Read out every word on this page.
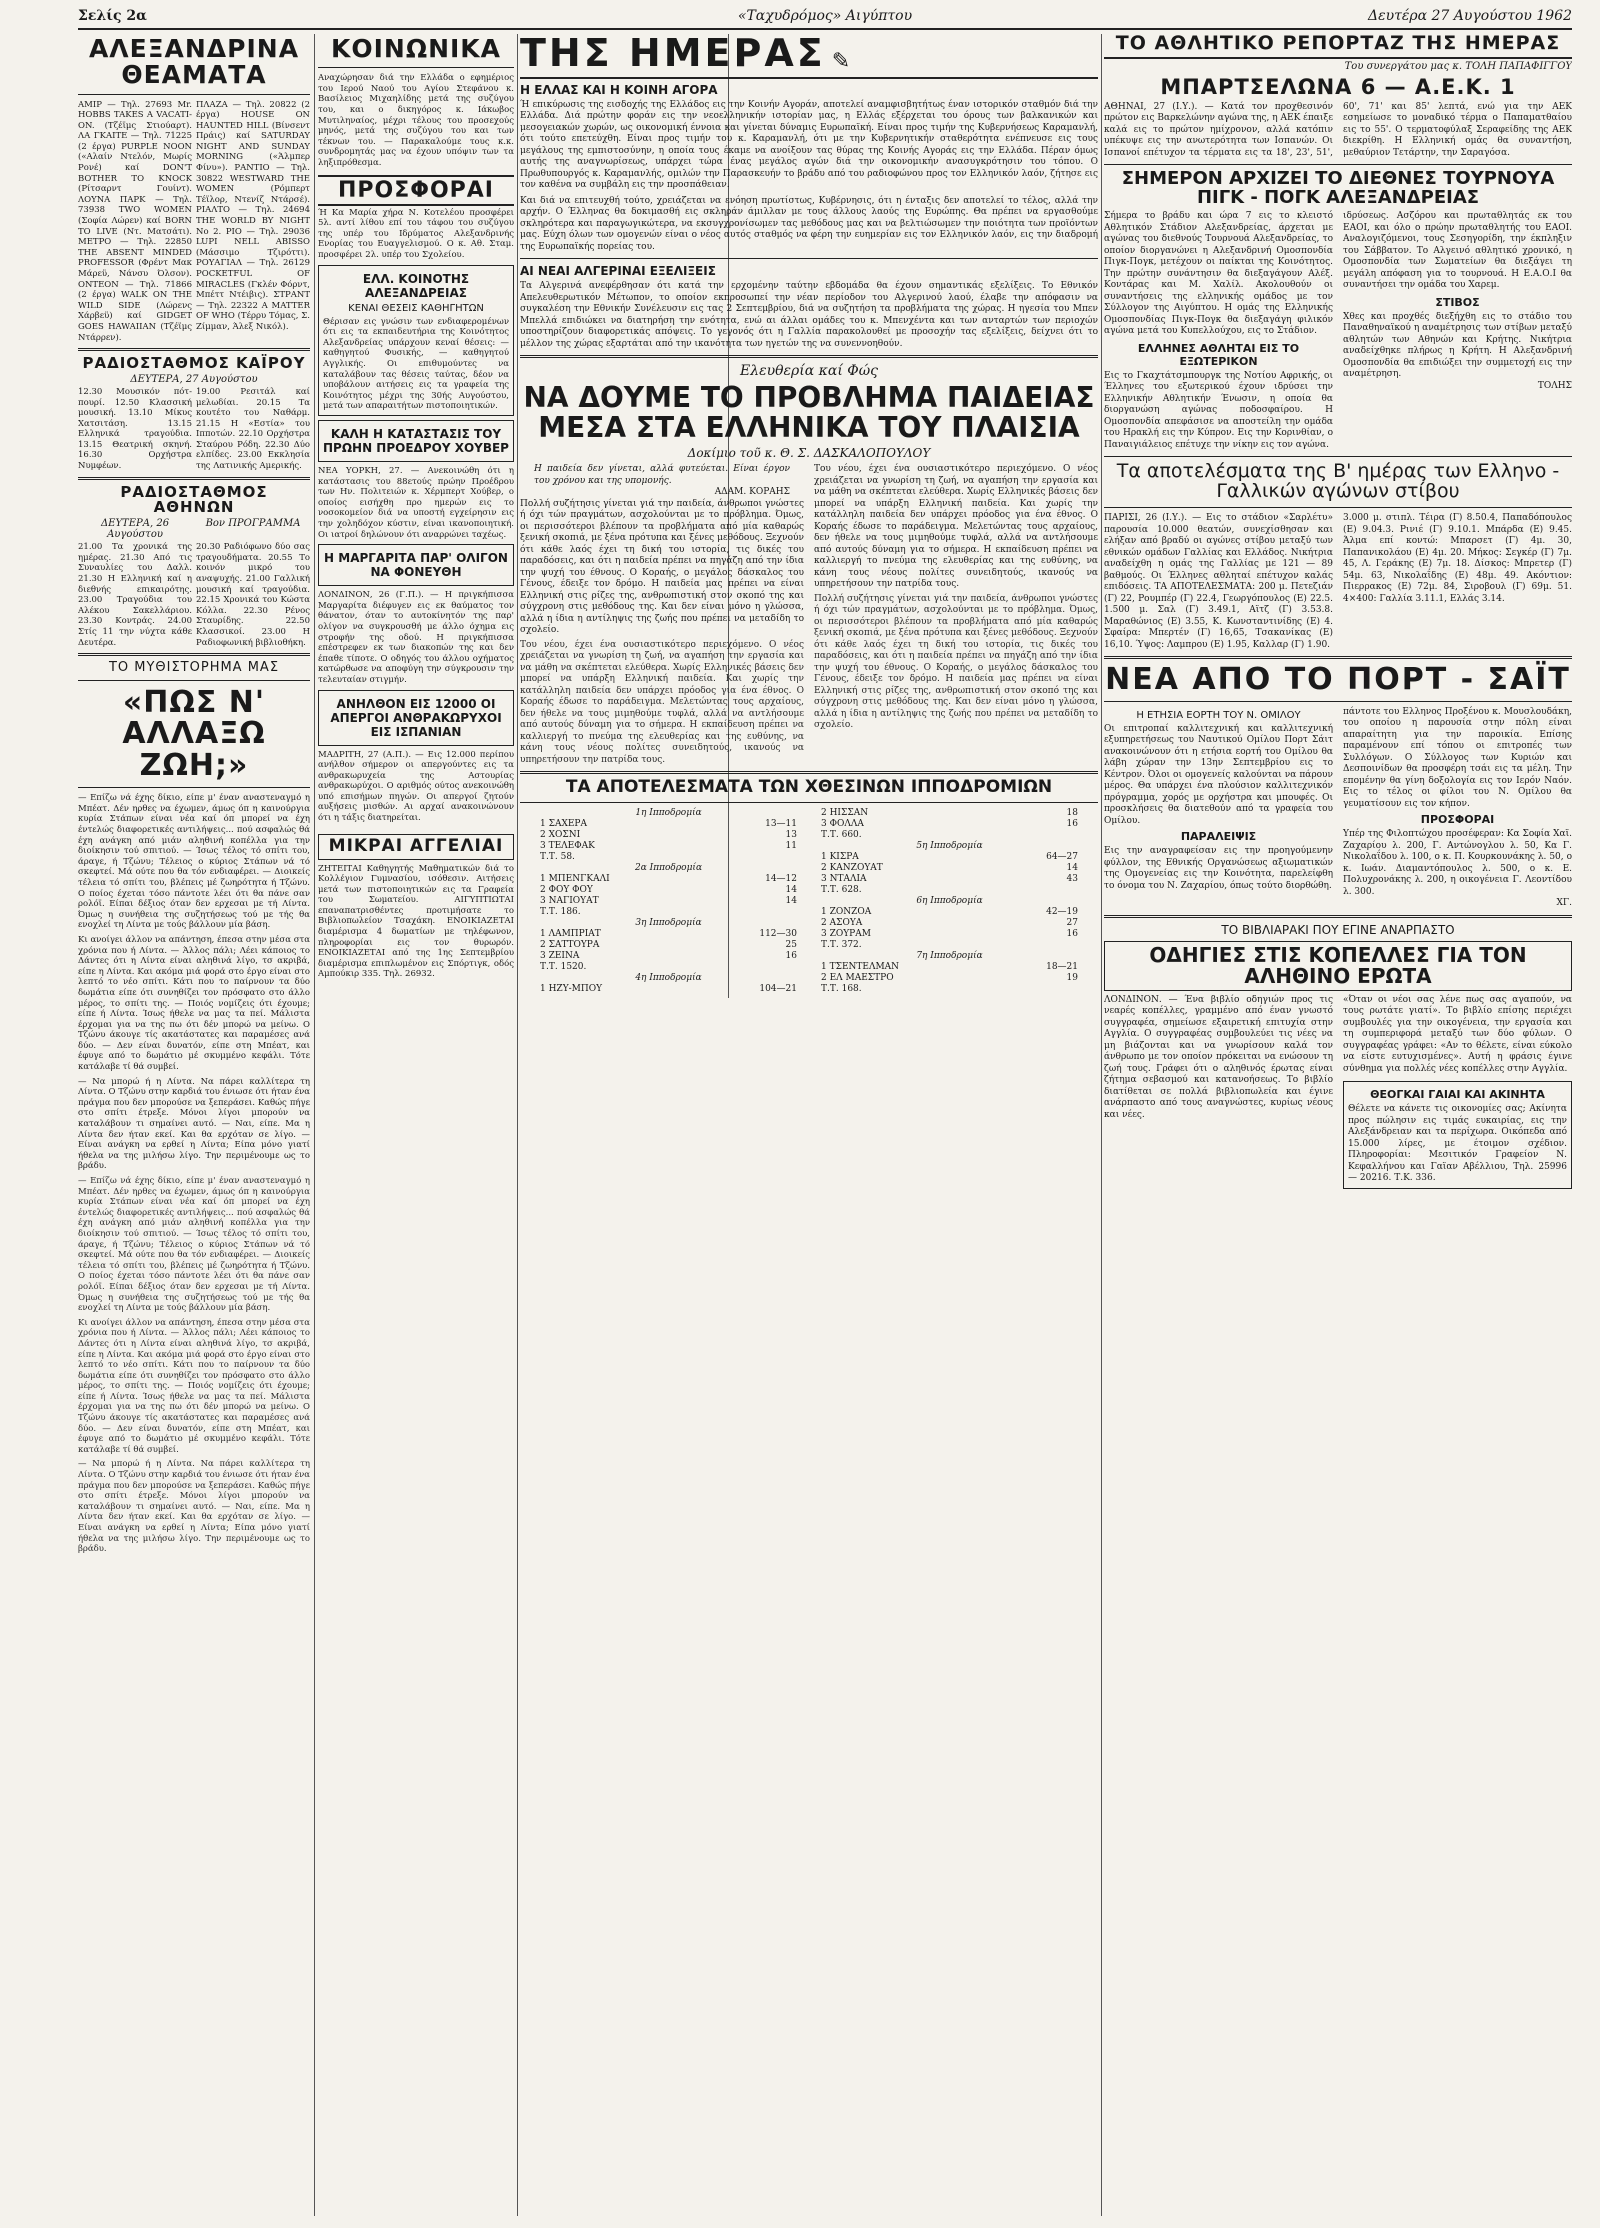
Σελίς 2α	«Ταχυδρόμος» Αιγύπτου	Δευτέρα 27 Αυγούστου 1962
ΑΛΕΞΑΝΔΡΙΝΑ ΘΕΑΜΑΤΑ
ΑΜΙΡ — Τηλ. 27693 Mr. HOBBS TAKES A VACATI-ON. (Τζέϊμς Στιούαρτ). ΛΑ ΓΚΑΙΤΕ — Τηλ. 71225 (2 έργα) PURPLE NOON («Αλαίν Ντελόν, Μωρίς Ρονέ) καί DON'T BOTHER TO KNOCK (Ρίτσαρντ Γουίντ). ΛΟΥΝΑ ΠΑΡΚ — Τηλ. 73938 TWO WOMEN (Σοφία Λώρεν) καί BORN TO LIVE (Ντ. Ματσάτι). ΜΕΤΡΟ — Τηλ. 22850 THE ABSENT MINDED PROFESSOR (Φρέντ Μακ Μάρεϋ, Νάνσυ Όλσον). ΟΝΤΕΟΝ — Τηλ. 71866 (2 έργα) WALK ON THE WILD SIDE (Λώρενς Χάρβεϋ) καί GIDGET GOES HAWAIIAN (Τζέϊμς Ντάρρεν).
ΠΛΑΖΑ — Τηλ. 20822 (2 έργα) HOUSE ON HAUNTED HILL (Βίνσεντ Πράις) καί SATURDAY NIGHT AND SUNDAY MORNING («Άλμπερ Φίνυ»). ΡΑΝΤΙΟ — Τηλ. 30822 WESTWARD THE WOMEN (Ρόμπερτ Τέϊλορ, Ντενίζ Ντάρσέ). ΡΙΑΛΤΟ — Τηλ. 24694 THE WORLD BY NIGHT No 2. ΡΙΟ — Τηλ. 29036 LUPI NELL ABISSO (Μάσσιμο Τζιρόττι). ΡΟΥΑΓΙΑΛ — Τηλ. 26129 POCKETFUL OF MIRACLES (Γκλέν Φόρντ, Μπέττ Ντέιβις). ΣΤΡΑΝΤ — Τηλ. 22322 A MATTER OF WHO (Τέρρυ Τόμας, Σ. Ζίμμαν, Άλεξ Νικόλ).
ΡΑΔΙΟΣΤΑΘΜΟΣ ΚΑΪΡΟΥ
ΔΕΥΤΕΡΑ, 27 Αυγούστου
12.30 Μουσικόν πότ-πουρί. 12.50 Κλασσική μουσική. 13.10 Μίκυς Χατσιτάση. 13.15 Ελληνικά τραγούδια. 13.15 Θεατρική σκηνή. 16.30 Ορχήστρα Νυμφέων.
19.00 Ρεσιτάλ καί μελωδίαι. 20.15 Τα κουτέτο του Ναθάρμ. 21.15 Η «Εστία» του Ιπποτών. 22.10 Ορχήστρα Σταύρου Ρόδη. 22.30 Δύο ελπίδες. 23.00 Εκκλησία της Λατινικής Αμερικής.
ΡΑΔΙΟΣΤΑΘΜΟΣ ΑΘΗΝΩΝ
ΔΕΥΤΕΡΑ, 26 Αυγούστου
Βον ΠΡΟΓΡΑΜΜΑ
21.00 Τα χρονικά της ημέρας. 21.30 Από τις Συναυλίες του Δαλλ. 21.30 Η Ελληνική καί η διεθνής επικαιρότης. 23.00 Τραγούδια του Αλέκου Σακελλάριου. 23.30 Κοντράς. 24.00 Στίς 11 την νύχτα κάθε Δευτέρα.
20.30 Ραδιόφωνο δύο σας τραγουδήματα. 20.55 Το κοινόν μικρό του αναψυχής. 21.00 Γαλλική μουσική καί τραγούδια. 22.15 Χρονικά του Κώστα Κόλλα. 22.30 Ρένος Σταυρίδης. 22.50 Κλασσικοί. 23.00 Η Ραδιοφωνική βιβλιοθήκη.
ΤΟ ΜΥΘΙΣΤΟΡΗΜΑ ΜΑΣ
«ΠΩΣ Ν' ΑΛΛΑΞΩ ΖΩΗ;»
— Επίζω νά έχης δίκιο, είπε μ' έναν αναστεναγμό η Μπέατ. Δέν ηρθες να έχωμεν, άμως όπ η καινούργια κυρία Στάπων είναι νέα καί όπ μπορεί να έχη έντελώς διαφορετικές αντιλήψεις... πού ασφαλώς θά έχη ανάγκη από μιάν αληθινή κοπέλλα για την διοίκησιν τού σπιτιού. — Ίσως τέλος τό σπίτι του, άραγε, ή Τζώνυ; Τέλειος ο κύριος Στάπων νά τό σκεφτεί. Μά ούτε που θα τόν ενδιαφέρει. — Διοικείς τέλεια τό σπίτι του, βλέπεις μέ ζωηρότητα ή Τζώνυ. Ο ποίος έχεται τόσο πάντοτε λέει ότι θα πάνε σαν ρολόϊ. Είπαι δέξιος όταν δεν ερχεσαι με τή Λίντα. Όμως η συνήθεια της συζητήσεως τού με τής θα ενοχλεί τη Λίντα με τούς βάλλουν μία βάση.
Κι ανοίγει άλλον να απάντηση, έπεσα στην μέσα στα χρόνια που ή Λίντα. — Άλλος πάλι; Λέει κάποιος το Δάντες ότι η Λίντα είναι αληθινά λίγο, τσ ακριβά, είπε η Λίντα. Και ακόμα μιά φορά στο έργο είναι στο λεπτό το νέο σπίτι. Κάτι που το παίρνουν τα δύο δωμάτια είπε ότι συνηθίζει τον πρόσφατο στο άλλο μέρος, το σπίτι της. — Ποιός νομίζεις ότι έχουμε; είπε ή Λίντα. Ίσως ήθελε να μας τα πεί. Μάλιστα έρχομαι για να της πω ότι δέν μπορώ να μείνω. Ο Τζώνυ άκουγε τίς ακατάστατες και παραμέσες ανά δύο. — Δεν είναι δυνατόν, είπε στη Μπέατ, και έφυγε από το δωμάτιο μέ σκυμμένο κεφάλι. Τότε κατάλαβε τί θά συμβεί.
— Να μπορώ ή η Λίντα. Να πάρει καλλίτερα τη Λίντα. Ο Τζώνυ στην καρδιά του ένιωσε ότι ήταν ένα πράγμα που δεν μπορούσε να ξεπεράσει. Καθώς πήγε στο σπίτι έτρεξε. Μόνοι λίγοι μπορούν να καταλάβουν τι σημαίνει αυτό. — Ναι, είπε. Μα η Λίντα δεν ήταν εκεί. Και θα ερχόταν σε λίγο. — Είναι ανάγκη να ερθεί η Λίντα; Είπα μόνο γιατί ήθελα να της μιλήσω λίγο. Την περιμένουμε ως το βράδυ.
— Επίζω νά έχης δίκιο, είπε μ' έναν αναστεναγμό η Μπέατ. Δέν ηρθες να έχωμεν, άμως όπ η καινούργια κυρία Στάπων είναι νέα καί όπ μπορεί να έχη έντελώς διαφορετικές αντιλήψεις... πού ασφαλώς θά έχη ανάγκη από μιάν αληθινή κοπέλλα για την διοίκησιν τού σπιτιού. — Ίσως τέλος τό σπίτι του, άραγε, ή Τζώνυ; Τέλειος ο κύριος Στάπων νά τό σκεφτεί. Μά ούτε που θα τόν ενδιαφέρει. — Διοικείς τέλεια τό σπίτι του, βλέπεις μέ ζωηρότητα ή Τζώνυ. Ο ποίος έχεται τόσο πάντοτε λέει ότι θα πάνε σαν ρολόϊ. Είπαι δέξιος όταν δεν ερχεσαι με τή Λίντα. Όμως η συνήθεια της συζητήσεως τού με τής θα ενοχλεί τη Λίντα με τούς βάλλουν μία βάση.
Κι ανοίγει άλλον να απάντηση, έπεσα στην μέσα στα χρόνια που ή Λίντα. — Άλλος πάλι; Λέει κάποιος το Δάντες ότι η Λίντα είναι αληθινά λίγο, τσ ακριβά, είπε η Λίντα. Και ακόμα μιά φορά στο έργο είναι στο λεπτό το νέο σπίτι. Κάτι που το παίρνουν τα δύο δωμάτια είπε ότι συνηθίζει τον πρόσφατο στο άλλο μέρος, το σπίτι της. — Ποιός νομίζεις ότι έχουμε; είπε ή Λίντα. Ίσως ήθελε να μας τα πεί. Μάλιστα έρχομαι για να της πω ότι δέν μπορώ να μείνω. Ο Τζώνυ άκουγε τίς ακατάστατες και παραμέσες ανά δύο. — Δεν είναι δυνατόν, είπε στη Μπέατ, και έφυγε από το δωμάτιο μέ σκυμμένο κεφάλι. Τότε κατάλαβε τί θά συμβεί.
— Να μπορώ ή η Λίντα. Να πάρει καλλίτερα τη Λίντα. Ο Τζώνυ στην καρδιά του ένιωσε ότι ήταν ένα πράγμα που δεν μπορούσε να ξεπεράσει. Καθώς πήγε στο σπίτι έτρεξε. Μόνοι λίγοι μπορούν να καταλάβουν τι σημαίνει αυτό. — Ναι, είπε. Μα η Λίντα δεν ήταν εκεί. Και θα ερχόταν σε λίγο. — Είναι ανάγκη να ερθεί η Λίντα; Είπα μόνο γιατί ήθελα να της μιλήσω λίγο. Την περιμένουμε ως το βράδυ.
ΚΟΙΝΩΝΙΚΑ
Αναχώρησαν διά την Ελλάδα ο εφημέριος του Ιερού Ναού του Αγίου Στεφάνου κ. Βασίλειος Μιχαηλίδης μετά της συζύγου του, και ο δικηγόρος κ. Ιάκωβος Μυτιληναίος, μέχρι τέλους του προσεχούς μηνός, μετά της συζύγου του και των τέκνων του. — Παρακαλούμε τους κ.κ. συνδρομητάς μας να έχουν υπόψιν των τα ληξιπρόθεσμα.
ΠΡΟΣΦΟΡΑΙ
Ή Κα Μαρία χήρα Ν. Κοτελέου προσφέρει 5λ. αντί λίθου επί του τάφου του συζύγου της υπέρ του Ιδρύματος Αλεξανδρινής Ενορίας του Ευαγγελισμού. Ο κ. Αθ. Σταμ. προσφέρει 2λ. υπέρ του Σχολείου.
ΕΛΛ. ΚΟΙΝΟΤΗΣ ΑΛΕΞΑΝΔΡΕΙΑΣ
ΚΕΝΑΙ ΘΕΣΕΙΣ ΚΑΘΗΓΗΤΩΝ
Θέρισαν εις γνώσιν των ενδιαφερομένων ότι εις τα εκπαιδευτήρια της Κοινότητος Αλεξανδρείας υπάρχουν κεναί θέσεις: — καθηγητού Φυσικής, — καθηγητού Αγγλικής. Οι επιθυμούντες να καταλάβουν τας θέσεις ταύτας, δέον να υποβάλουν αιτήσεις εις τα γραφεία της Κοινότητος μέχρι της 30ής Αυγούστου, μετά των απαραιτήτων πιστοποιητικών.
ΚΑΛΗ Η ΚΑΤΑΣΤΑΣΙΣ ΤΟΥ ΠΡΩΗΝ ΠΡΟΕΔΡΟΥ ΧΟΥΒΕΡ
ΝΕΑ ΥΟΡΚΗ, 27. — Ανεκοινώθη ότι η κατάστασις του 88ετούς πρώην Προέδρου των Ην. Πολιτειών κ. Χέρμπερτ Χούβερ, ο οποίος εισήχθη προ ημερών εις το νοσοκομείον διά να υποστή εγχείρησιν εις την χοληδόχον κύστιν, είναι ικανοποιητική. Οι ιατροί δηλώνουν ότι αναρρώνει ταχέως.
Η ΜΑΡΓΑΡΙΤΑ ΠΑΡ' ΟΛΙΓΟΝ ΝΑ ΦΟΝΕΥΘΗ
ΛΟΝΔΙΝΟΝ, 26 (Γ.Π.). — Η πριγκήπισσα Μαργαρίτα διέφυγεν εις εκ θαύματος τον θάνατον, όταν το αυτοκίνητόν της παρ' ολίγον να συγκρουσθή με άλλο όχημα εις στροφήν της οδού. Η πριγκήπισσα επέστρεφεν εκ των διακοπών της και δεν έπαθε τίποτε. Ο οδηγός του άλλου οχήματος κατώρθωσε να αποφύγη την σύγκρουσιν την τελευταίαν στιγμήν.
ΑΝΗΛΘΟΝ ΕΙΣ 12000 ΟΙ ΑΠΕΡΓΟΙ ΑΝΘΡΑΚΩΡΥΧΟΙ ΕΙΣ ΙΣΠΑΝΙΑΝ
ΜΑΔΡΙΤΗ, 27 (Α.Π.). — Εις 12.000 περίπου ανήλθον σήμερον οι απεργούντες εις τα ανθρακωρυχεία της Αστουρίας ανθρακωρύχοι. Ο αριθμός ούτος ανεκοινώθη υπό επισήμων πηγών. Οι απεργοί ζητούν αυξήσεις μισθών. Αι αρχαί ανακοινώνουν ότι η τάξις διατηρείται.
ΜΙΚΡΑΙ ΑΓΓΕΛΙΑΙ
ΖΗΤΕΙΤΑΙ Καθηγητής Μαθηματικών διά το Κολλέγιον Γυμνασίου, ισόθεσιν. Αιτήσεις μετά των πιστοποιητικών εις τα Γραφεία του Σωματείου. ΑΙΓΥΠΤΙΩΤΑΙ επαναπατρισθέντες προτιμήσατε το Βιβλιοπωλείον Τσαχάκη. ΕΝΟΙΚΙΑΖΕΤΑΙ διαμέρισμα 4 δωματίων με τηλέφωνον, πληροφορίαι εις τον θυρωρόν. ΕΝΟΙΚΙΑΖΕΤΑΙ από της 1ης Σεπτεμβρίου διαμέρισμα επιπλωμένον εις Σπόρτιγκ, οδός Αμπούκιρ 335. Τηλ. 26932.
ΤΗΣ ΗΜΕΡΑΣ ✎
Η ΕΛΛΑΣ ΚΑΙ Η ΚΟΙΝΗ ΑΓΟΡΑ
Ή επικύρωσις της εισδοχής της Ελλάδος εις την Κοινήν Αγοράν, αποτελεί αναμφισβητήτως έναν ιστορικόν σταθμόν διά την Ελλάδα. Διά πρώτην φοράν εις την νεοελληνικήν ιστορίαν μας, η Ελλάς εξέρχεται του όρους των βαλκανικών και μεσογειακών χωρών, ως οικονομική έννοια και γίνεται δύναμις Ευρωπαϊκή. Είναι προς τιμήν της Κυβερνήσεως Καραμανλή, ότι τούτο επετεύχθη. Είναι προς τιμήν του κ. Καραμανλή, ότι με την Κυβερνητικήν σταθερότητα ενέπνευσε εις τους μεγάλους της εμπιστοσύνην, η οποία τους έκαμε να ανοίξουν τας θύρας της Κοινής Αγοράς εις την Ελλάδα. Πέραν όμως αυτής της αναγνωρίσεως, υπάρχει τώρα ένας μεγάλος αγών διά την οικονομικήν ανασυγκρότησιν του τόπου. Ο Πρωθυπουργός κ. Καραμανλής, ομιλών την Παρασκευήν το βράδυ από του ραδιοφώνου προς τον Ελληνικόν λαόν, ζήτησε εις τον καθένα να συμβάλη εις την προσπάθειαν.
Και διά να επιτευχθή τούτο, χρειάζεται να ενόηση πρωτίστως, Κυβέρνησις, ότι η ένταξις δεν αποτελεί το τέλος, αλλά την αρχήν. Ο Έλληνας θα δοκιμασθή εις σκληράν άμιλλαν με τους άλλους λαούς της Ευρώπης. Θα πρέπει να εργασθούμε σκληρότερα και παραγωγικώτερα, να εκσυγχρονίσωμεν τας μεθόδους μας και να βελτιώσωμεν την ποιότητα των προϊόντων μας. Εύχη όλων των ομογενών είναι ο νέος αυτός σταθμός να φέρη την ευημερίαν εις τον Ελληνικόν λαόν, εις την διαδρομή της Ευρωπαϊκής πορείας του.
ΑΙ ΝΕΑΙ ΑΛΓΕΡΙΝΑΙ ΕΞΕΛΙΞΕΙΣ
Τα Αλγερινά ανεφέρθησαν ότι κατά την ερχομένην ταύτην εβδομάδα θα έχουν σημαντικάς εξελίξεις. Το Εθνικόν Απελευθερωτικόν Μέτωπον, το οποίον εκπροσωπεί την νέαν περίοδον του Αλγερινού λαού, έλαβε την απόφασιν να συγκαλέση την Εθνικήν Συνέλευσιν εις τας 2 Σεπτεμβρίου, διά να συζητήση τα προβλήματα της χώρας. Η ηγεσία του Μπεν Μπελλά επιδιώκει να διατηρήση την ενότητα, ενώ αι άλλαι ομάδες του κ. Μπενχέντα και των ανταρτών των περιοχών υποστηρίζουν διαφορετικάς απόψεις. Το γεγονός ότι η Γαλλία παρακολουθεί με προσοχήν τας εξελίξεις, δείχνει ότι το μέλλον της χώρας εξαρτάται από την ικανότητα των ηγετών της να συνεννοηθούν.
Ελευθερία καί Φώς
ΝΑ ΔΟΥΜΕ ΤΟ ΠΡΟΒΛΗΜΑ ΠΑΙΔΕΙΑΣ ΜΕΣΑ ΣΤΑ ΕΛΛΗΝΙΚΑ ΤΟΥ ΠΛΑΙΣΙΑ
Δοκίμιο τοῦ κ. Θ. Σ. ΔΑΣΚΑΛΟΠΟΥΛΟΥ
Η παιδεία δεν γίνεται, αλλά φυτεύεται. Είναι έργον του χρόνου και της υπομονής.
ΑΔΑΜ. ΚΟΡΑΗΣ
Πολλή συζήτησις γίνεται γιά την παιδεία, άνθρωποι γνώστες ή όχι τών πραγμάτων, ασχολούνται με το πρόβλημα. Όμως, οι περισσότεροι βλέπουν τα προβλήματα από μία καθαρώς ξενική σκοπιά, με ξένα πρότυπα και ξένες μεθόδους. Ξεχνούν ότι κάθε λαός έχει τη δική του ιστορία, τις δικές του παραδόσεις, και ότι η παιδεία πρέπει να πηγάζη από την ίδια την ψυχή του έθνους. Ο Κοραής, ο μεγάλος δάσκαλος του Γένους, έδειξε τον δρόμο. Η παιδεία μας πρέπει να είναι Ελληνική στις ρίζες της, ανθρωπιστική στον σκοπό της και σύγχρονη στις μεθόδους της. Και δεν είναι μόνο η γλώσσα, αλλά η ίδια η αντίληψις της ζωής που πρέπει να μεταδίδη το σχολείο.
Του νέου, έχει ένα ουσιαστικότερο περιεχόμενο. Ο νέος χρειάζεται να γνωρίση τη ζωή, να αγαπήση την εργασία και να μάθη να σκέπτεται ελεύθερα. Χωρίς Ελληνικές βάσεις δεν μπορεί να υπάρξη Ελληνική παιδεία. Και χωρίς την κατάλληλη παιδεία δεν υπάρχει πρόοδος για ένα έθνος. Ο Κοραής έδωσε το παράδειγμα. Μελετώντας τους αρχαίους, δεν ήθελε να τους μιμηθούμε τυφλά, αλλά να αντλήσουμε από αυτούς δύναμη για το σήμερα. Η εκπαίδευση πρέπει να καλλιεργή το πνεύμα της ελευθερίας και της ευθύνης, να κάνη τους νέους πολίτες συνειδητούς, ικανούς να υπηρετήσουν την πατρίδα τους.
Του νέου, έχει ένα ουσιαστικότερο περιεχόμενο. Ο νέος χρειάζεται να γνωρίση τη ζωή, να αγαπήση την εργασία και να μάθη να σκέπτεται ελεύθερα. Χωρίς Ελληνικές βάσεις δεν μπορεί να υπάρξη Ελληνική παιδεία. Και χωρίς την κατάλληλη παιδεία δεν υπάρχει πρόοδος για ένα έθνος. Ο Κοραής έδωσε το παράδειγμα. Μελετώντας τους αρχαίους, δεν ήθελε να τους μιμηθούμε τυφλά, αλλά να αντλήσουμε από αυτούς δύναμη για το σήμερα. Η εκπαίδευση πρέπει να καλλιεργή το πνεύμα της ελευθερίας και της ευθύνης, να κάνη τους νέους πολίτες συνειδητούς, ικανούς να υπηρετήσουν την πατρίδα τους.
Πολλή συζήτησις γίνεται γιά την παιδεία, άνθρωποι γνώστες ή όχι τών πραγμάτων, ασχολούνται με το πρόβλημα. Όμως, οι περισσότεροι βλέπουν τα προβλήματα από μία καθαρώς ξενική σκοπιά, με ξένα πρότυπα και ξένες μεθόδους. Ξεχνούν ότι κάθε λαός έχει τη δική του ιστορία, τις δικές του παραδόσεις, και ότι η παιδεία πρέπει να πηγάζη από την ίδια την ψυχή του έθνους. Ο Κοραής, ο μεγάλος δάσκαλος του Γένους, έδειξε τον δρόμο. Η παιδεία μας πρέπει να είναι Ελληνική στις ρίζες της, ανθρωπιστική στον σκοπό της και σύγχρονη στις μεθόδους της. Και δεν είναι μόνο η γλώσσα, αλλά η ίδια η αντίληψις της ζωής που πρέπει να μεταδίδη το σχολείο.
ΤΑ ΑΠΟΤΕΛΕΣΜΑΤΑ ΤΩΝ ΧΘΕΣΙΝΩΝ ΙΠΠΟΔΡΟΜΙΩΝ
1η Ιπποδρομία
1 ΣΑΧΕΡΑ	13—11
2 ΧΟΣΝΙ	13
3 ΤΕΛΕΦΑΚ	11
Τ.Τ. 58.
2α Ιπποδρομία
1 ΜΠΕΝΓΚΑΛΙ	14—12
2 ΦΟΥ ΦΟΥ	14
3 ΝΑΓΙΟΥΑΤ	14
Τ.Τ. 186.
3η Ιπποδρομία
1 ΛΑΜΠΡΙΑΤ	112—30
2 ΣΑΤΤΟΥΡΑ	25
3 ΖΕΙΝΑ	16
Τ.Τ. 1520.
4η Ιπποδρομία
1 ΗΖΥ-ΜΠΟΥ	104—21
2 ΗΙΣΣΑΝ	18
3 ΦΟΛΛΑ	16
Τ.Τ. 660.
5η Ιπποδρομία
1 ΚΙΣΡΑ	64—27
2 ΚΑΝΖΟΥΑΤ	14
3 ΝΤΑΛΙΑ	43
Τ.Τ. 628.
6η Ιπποδρομία
1 ΖΟΝΖΟΑ	42—19
2 ΑΣΟΥΑ	27
3 ΖΟΥΡΑΜ	16
Τ.Τ. 372.
7η Ιπποδρομία
1 ΤΣΕΝΤΕΛΜΑΝ	18—21
2 ΕΛ ΜΑΕΣΤΡΟ	19
Τ.Τ. 168.
ΤΟ ΑΘΛΗΤΙΚΟ ΡΕΠΟΡΤΑΖ ΤΗΣ ΗΜΕΡΑΣ
Του συνεργάτου μας κ. ΤΟΛΗ ΠΑΠΑΦΙΓΓΟΥ
ΜΠΑΡΤΣΕΛΩΝΑ 6 — Α.Ε.Κ. 1
ΑΘΗΝΑΙ, 27 (Ι.Υ.). — Κατά τον προχθεσινόν πρώτον εις Βαρκελώνην αγώνα της, η ΑΕΚ έπαιξε καλά εις το πρώτον ημίχρονον, αλλά κατόπιν υπέκυψε εις την ανωτερότητα των Ισπανών. Οι Ισπανοί επέτυχον τα τέρματα εις τα 18', 23', 51', 60', 71' και 85' λεπτά, ενώ για την ΑΕΚ εσημείωσε το μοναδικό τέρμα ο Παπαματθαίου εις το 55'. Ο τερματοφύλαξ Σεραφείδης της ΑΕΚ διεκρίθη. Η Ελληνική ομάς θα συναντήση, μεθαύριον Τετάρτην, την Σαραγόσα.
ΣΗΜΕΡΟΝ ΑΡΧΙΖΕΙ ΤΟ ΔΙΕΘΝΕΣ ΤΟΥΡΝΟΥΑ ΠΙΓΚ - ΠΟΓΚ ΑΛΕΞΑΝΔΡΕΙΑΣ
Σήμερα το βράδυ και ώρα 7 εις το κλειστό Αθλητικόν Στάδιον Αλεξανδρείας, άρχεται με αγώνας του διεθνούς Τουρνουά Αλεξανδρείας, το οποίον διοργανώνει η Αλεξανδρινή Ομοσπονδία Πιγκ-Πογκ, μετέχουν οι παίκται της Κοινότητος. Την πρώτην συνάντησιν θα διεξαγάγουν Αλέξ. Κοντάρας και Μ. Χαλίλ. Ακολουθούν οι συναντήσεις της ελληνικής ομάδος με τον Σύλλογον της Αιγύπτου. Η ομάς της Ελληνικής Ομοσπονδίας Πιγκ-Πογκ θα διεξαγάγη φιλικόν αγώνα μετά του Κυπελλούχου, εις το Στάδιον.
ΕΛΛΗΝΕΣ ΑΘΛΗΤΑΙ ΕΙΣ ΤΟ ΕΞΩΤΕΡΙΚΟΝ
Εις το Γκαχτάτσμπουργκ της Νοτίου Αφρικής, οι Έλληνες του εξωτερικού έχουν ιδρύσει την Ελληνικήν Αθλητικήν Ένωσιν, η οποία θα διοργανώση αγώνας ποδοσφαίρου. Η Ομοσπονδία απεφάσισε να αποστείλη την ομάδα του Ηρακλή εις την Κύπρον. Εις την Κορινθίαν, ο Παναιγιάλειος επέτυχε την νίκην εις τον αγώνα.
ιδρύσεως. Ασζόρου και πρωταθλητάς εκ του ΕΑΟΙ, και όλο ο πρώην πρωταθλητής του ΕΑΟΙ. Αναλογιζόμενοι, τους Σεσηγορίδη, την έκπληξιν του Σάββατον. Το Αλγεινό αθλητικό χρονικό, η Ομοσπονδία των Σωματείων θα διεξάγει τη μεγάλη απόφαση για το τουρνουά. Η Ε.Α.Ο.Ι θα συναντήσει την ομάδα του Χαρεμ.
ΣΤΙΒΟΣ
Χθες και προχθές διεξήχθη εις το στάδιο του Παναθηναϊκού η αναμέτρησις των στίβων μεταξύ αθλητών των Αθηνών και Κρήτης. Νικήτρια αναδείχθηκε πλήρως η Κρήτη. Η Αλεξανδρινή Ομοσπονδία θα επιδιώξει την συμμετοχή εις την αναμέτρηση.
ΤΟΛΗΣ
Τα αποτελέσματα της Β' ημέρας των Ελληνο - Γαλλικών αγώνων στίβου
ΠΑΡΙΣΙ, 26 (Ι.Υ.). — Εις το στάδιον «Σαρλέτυ» παρουσία 10.000 θεατών, συνεχίσθησαν και ελήξαν από βραδύ οι αγώνες στίβου μεταξύ των εθνικών ομάδων Γαλλίας και Ελλάδος. Νικήτρια αναδείχθη η ομάς της Γαλλίας με 121 — 89 βαθμούς. Οι Έλληνες αθληταί επέτυχον καλάς επιδόσεις. ΤΑ ΑΠΟΤΕΛΕΣΜΑΤΑ: 200 μ. Πετεζιάν (Γ) 22, Ρουμπέρ (Γ) 22.4, Γεωργόπουλος (Ε) 22.5. 1.500 μ. Σαλ (Γ) 3.49.1, Αϊτζ (Γ) 3.53.8. Μαραθώνιος (Ε) 3.55, Κ. Κωνσταντινίδης (Ε) 4. Σφαίρα: Μπερτέν (Γ) 16,65, Τσακανίκας (Ε) 16,10. Ύψος: Λαμπρου (Ε) 1.95, Καλλαρ (Γ) 1.90.
3.000 μ. στιπλ. Τέιρα (Γ) 8.50.4, Παπαδόπουλος (Ε) 9.04.3. Ρινιέ (Γ) 9.10.1. Μπάρδα (Ε) 9.45. Άλμα επί κοντώ: Μπαρσετ (Γ) 4μ. 30, Παπανικολάου (Ε) 4μ. 20. Μήκος: Σεγκέρ (Γ) 7μ. 45, Λ. Γεράκης (Ε) 7μ. 18. Δίσκος: Μπρετερ (Γ) 54μ. 63, Νικολαΐδης (Ε) 48μ. 49. Ακόντιον: Πιερρακος (Ε) 72μ. 84, Σιροβουλ (Γ) 69μ. 51. 4×400: Γαλλία 3.11.1, Ελλάς 3.14.
ΝΕΑ ΑΠΟ ΤΟ ΠΟΡΤ - ΣΑΪΤ
Η ΕΤΗΣΙΑ ΕΟΡΤΗ ΤΟΥ Ν. ΟΜΙΛΟΥ
Οι επιτροπαί καλλιτεχνική και καλλιτεχνική εξυπηρετήσεως του Ναυτικού Ομίλου Πορτ Σάιτ ανακοινώνουν ότι η ετήσια εορτή του Ομίλου θα λάβη χώραν την 13ην Σεπτεμβρίου εις το Κέντρον. Όλοι οι ομογενείς καλούνται να πάρουν μέρος. Θα υπάρχει ένα πλούσιον καλλιτεχνικόν πρόγραμμα, χορός με ορχήστρα και μπουφές. Οι προσκλήσεις θα διατεθούν από τα γραφεία του Ομίλου.
ΠΑΡΑΛΕΙΨΙΣ
Εις την αναγραφείσαν εις την προηγούμενην φύλλον, της Εθνικής Οργανώσεως αξιωματικών της Ομογενείας εις την Κοινότητα, παρελείφθη το όνομα του Ν. Ζαχαρίου, όπως τούτο διορθώθη.
πάντοτε του Ελληνος Προξένου κ. Μουσλουδάκη, του οποίου η παρουσία στην πόλη είναι απαραίτητη για την παροικία. Επίσης παραμένουν επί τόπου οι επιτροπές των Συλλόγων. Ο Σύλλογος των Κυριών και Δεσποινίδων θα προσφέρη τσάι εις τα μέλη. Την επομένην θα γίνη δοξολογία εις τον Ιερόν Ναόν. Εις το τέλος οι φίλοι του Ν. Ομίλου θα γευματίσουν εις τον κήπον.
ΠΡΟΣΦΟΡΑΙ
Υπέρ της Φιλοπτώχου προσέφεραν: Κα Σοφία Χαϊ. Ζαχαρίου λ. 200, Γ. Αντώνογλου λ. 50, Κα Γ. Νικολαΐδου λ. 100, ο κ. Π. Κουρκουνάκης λ. 50, ο κ. Ιωάν. Διαμαντόπουλος λ. 500, ο κ. Ε. Πολυχρονάκης λ. 200, η οικογένεια Γ. Λεοντίδου λ. 300.
ΧΓ.
ΤΟ ΒΙΒΛΙΑΡΑΚΙ ΠΟΥ ΕΓΙΝΕ ΑΝΑΡΠΑΣΤΟ
ΟΔΗΓΙΕΣ ΣΤΙΣ ΚΟΠΕΛΛΕΣ ΓΙΑ ΤΟΝ ΑΛΗΘΙΝΟ ΕΡΩΤΑ
ΛΟΝΔΙΝΟΝ. — Ένα βιβλίο οδηγιών προς τις νεαρές κοπέλλες, γραμμένο από έναν γνωστό συγγραφέα, σημείωσε εξαιρετική επιτυχία στην Αγγλία. Ο συγγραφέας συμβουλεύει τις νέες να μη βιάζονται και να γνωρίσουν καλά τον άνθρωπο με τον οποίον πρόκειται να ενώσουν τη ζωή τους. Γράφει ότι ο αληθινός έρωτας είναι ζήτημα σεβασμού και κατανοήσεως. Το βιβλίο διατίθεται σε πολλά βιβλιοπωλεία και έγινε ανάρπαστο από τους αναγνώστες, κυρίως νέους και νέες.
«Όταν οι νέοι σας λένε πως σας αγαπούν, να τους ρωτάτε γιατί». Το βιβλίο επίσης περιέχει συμβουλές για την οικογένεια, την εργασία και τη συμπεριφορά μεταξύ των δύο φύλων. Ο συγγραφέας γράφει: «Αν το θέλετε, είναι εύκολο να είστε ευτυχισμένες». Αυτή η φράσις έγινε σύνθημα για πολλές νέες κοπέλλες στην Αγγλία.
ΘΕΟΓΚΑΙ ΓΑΙΑΙ ΚΑΙ ΑΚΙΝΗΤΑ
Θέλετε να κάνετε τις οικονομίες σας; Ακίνητα προς πώλησιν εις τιμάς ευκαιρίας, εις την Αλεξάνδρειαν και τα περίχωρα. Οικόπεδα από 15.000 λίρες, με έτοιμον σχέδιον. Πληροφορίαι: Μεσιτικόν Γραφείον Ν. Κεφαλλήνου και Γαϊαν Αβέλλιου, Τηλ. 25996 — 20216. Τ.Κ. 336.
